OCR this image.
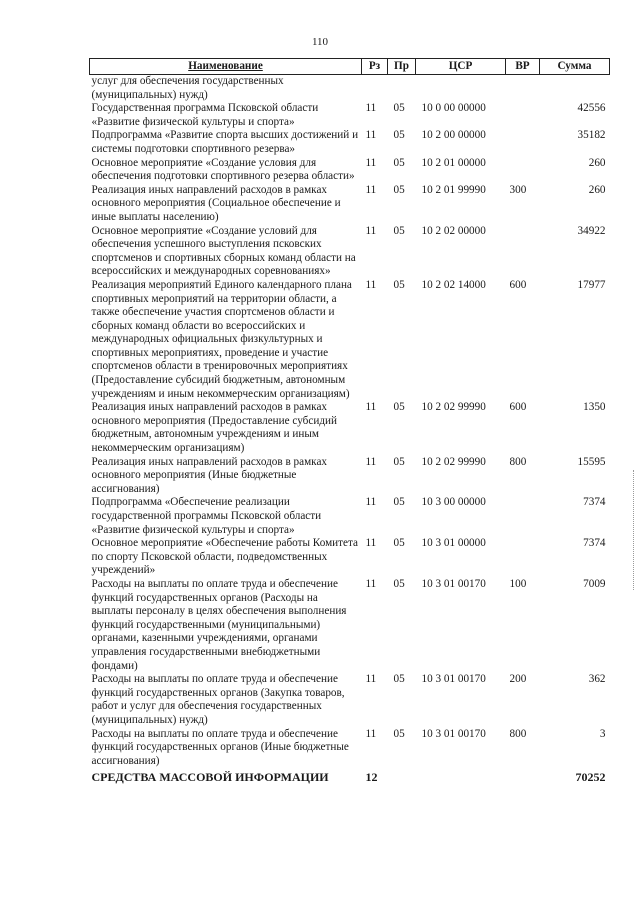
110
Наименование	Рз	Пр	ЦСР	ВР	Сумма
услуг для обеспечения государственных (муниципальных) нужд)					
Государственная программа Псковской области «Развитие физической культуры и спорта»	11	05	10 0 00 00000		42556
Подпрограмма «Развитие спорта высших достижений и системы подготовки спортивного резерва»	11	05	10 2 00 00000		35182
Основное мероприятие «Создание условия для обеспечения подготовки спортивного резерва области»	11	05	10 2 01 00000		260
Реализация иных направлений расходов в рамках основного мероприятия (Социальное обеспечение и иные выплаты населению)	11	05	10 2 01 99990	300	260
Основное мероприятие «Создание условий для обеспечения успешного выступления псковских спортсменов и спортивных сборных команд области на всероссийских и международных соревнованиях»	11	05	10 2 02 00000		34922
Реализация мероприятий Единого календарного плана спортивных мероприятий на территории области, а также обеспечение участия спортсменов области и сборных команд области во всероссийских и международных официальных физкультурных и спортивных мероприятиях, проведение и участие спортсменов области в тренировочных мероприятиях (Предоставление субсидий бюджетным, автономным учреждениям и иным некоммерческим организациям)	11	05	10 2 02 14000	600	17977
Реализация иных направлений расходов в рамках основного мероприятия (Предоставление субсидий бюджетным, автономным учреждениям и иным некоммерческим организациям)	11	05	10 2 02 99990	600	1350
Реализация иных направлений расходов в рамках основного мероприятия (Иные бюджетные ассигнования)	11	05	10 2 02 99990	800	15595
Подпрограмма «Обеспечение реализации государственной программы Псковской области «Развитие физической культуры и спорта»	11	05	10 3 00 00000		7374
Основное мероприятие «Обеспечение работы Комитета по спорту Псковской области, подведомственных учреждений»	11	05	10 3 01 00000		7374
Расходы на выплаты по оплате труда и обеспечение функций государственных органов (Расходы на выплаты персоналу в целях обеспечения выполнения функций государственными (муниципальными) органами, казенными учреждениями, органами управления государственными внебюджетными фондами)	11	05	10 3 01 00170	100	7009
Расходы на выплаты по оплате труда и обеспечение функций государственных органов (Закупка товаров, работ и услуг для обеспечения государственных (муниципальных) нужд)	11	05	10 3 01 00170	200	362
Расходы на выплаты по оплате труда и обеспечение функций государственных органов (Иные бюджетные ассигнования)	11	05	10 3 01 00170	800	3
СРЕДСТВА МАССОВОЙ ИНФОРМАЦИИ	12				70252
